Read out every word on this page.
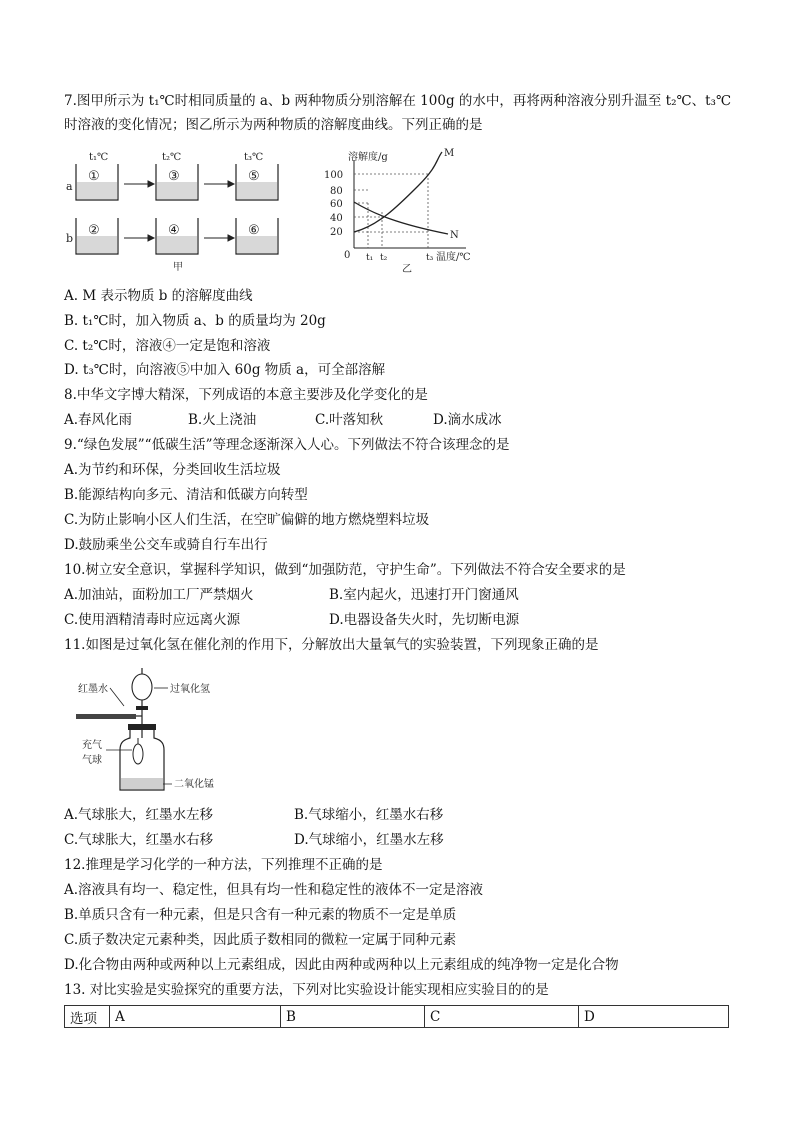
7.图甲所示为 t₁℃时相同质量的 a、b 两种物质分别溶解在 100g 的水中，再将两种溶液分别升温至 t₂℃、t₃℃
时溶液的变化情况；图乙所示为两种物质的溶解度曲线。下列正确的是
t₁℃	t₂℃	t₃℃
a
b
①	③	⑤
②	④	⑥
甲
溶解度/g
100
80
60
40
20
0 t₁ t₂	t₃ 温度/℃
M
N
乙
A. M 表示物质 b 的溶解度曲线
B. t₁℃时，加入物质 a、b 的质量均为 20g
C. t₂℃时，溶液④一定是饱和溶液
D. t₃℃时，向溶液⑤中加入 60g 物质 a，可全部溶解
8.中华文字博大精深，下列成语的本意主要涉及化学变化的是
A.春风化雨	B.火上浇油	C.叶落知秋	D.滴水成冰
9.“绿色发展”“低碳生活”等理念逐渐深入人心。下列做法不符合该理念的是
A.为节约和环保，分类回收生活垃圾
B.能源结构向多元、清洁和低碳方向转型
C.为防止影响小区人们生活，在空旷偏僻的地方燃烧塑料垃圾
D.鼓励乘坐公交车或骑自行车出行
10.树立安全意识，掌握科学知识，做到“加强防范，守护生命”。下列做法不符合安全要求的是
A.加油站，面粉加工厂严禁烟火	B.室内起火，迅速打开门窗通风
C.使用酒精清毒时应远离火源	D.电器设备失火时，先切断电源
11.如图是过氧化氢在催化剂的作用下，分解放出大量氧气的实验装置，下列现象正确的是
红墨水	过氧化氢
充气
气球
二氧化锰
A.气球胀大，红墨水左移	B.气球缩小，红墨水右移
C.气球胀大，红墨水右移	D.气球缩小，红墨水左移
12.推理是学习化学的一种方法，下列推理不正确的是
A.溶液具有均一、稳定性，但具有均一性和稳定性的液体不一定是溶液
B.单质只含有一种元素，但是只含有一种元素的物质不一定是单质
C.质子数决定元素种类，因此质子数相同的微粒一定属于同种元素
D.化合物由两种或两种以上元素组成，因此由两种或两种以上元素组成的纯净物一定是化合物
13. 对比实验是实验探究的重要方法，下列对比实验设计能实现相应实验目的的是
选项	A	B	C	D
